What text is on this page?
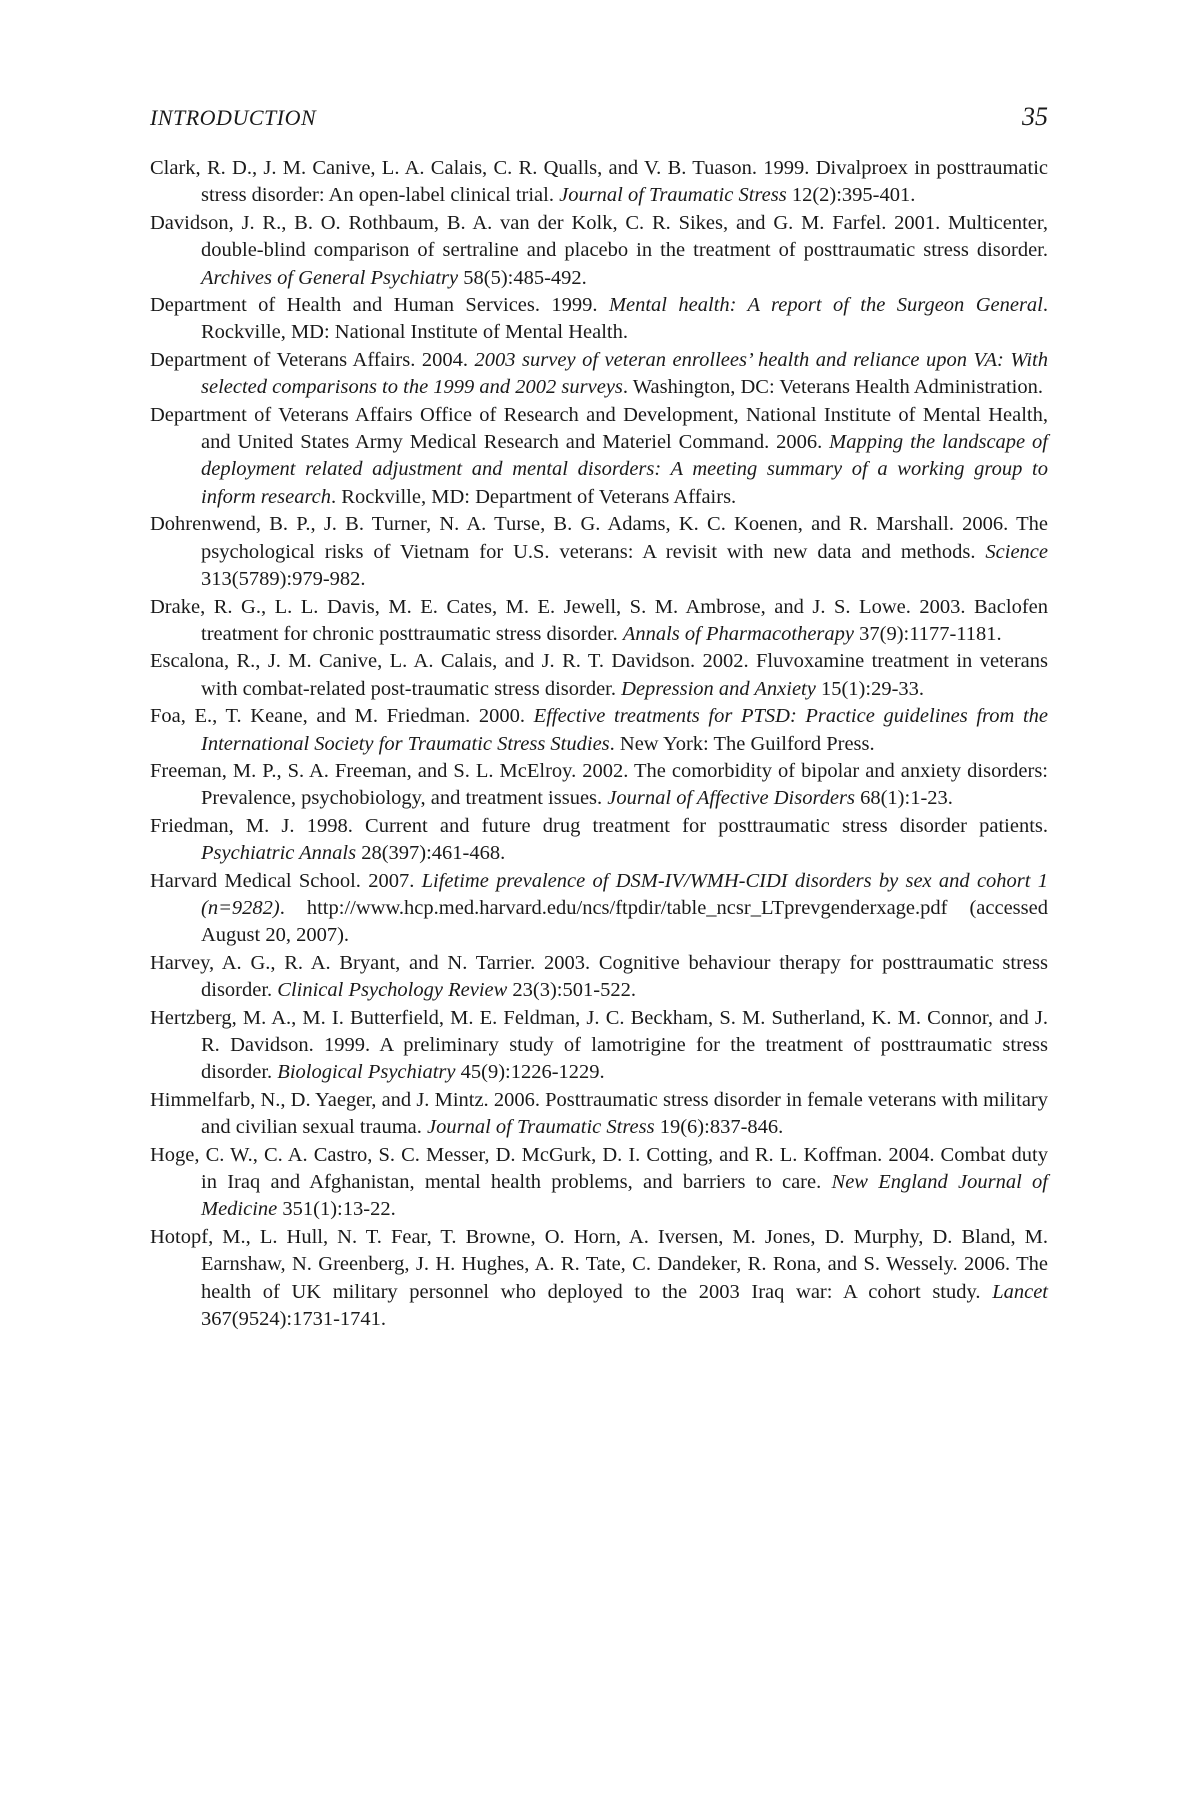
INTRODUCTION	35

Clark, R. D., J. M. Canive, L. A. Calais, C. R. Qualls, and V. B. Tuason. 1999. Divalproex in posttraumatic stress disorder: An open-label clinical trial. Journal of Traumatic Stress 12(2):395-401.

Davidson, J. R., B. O. Rothbaum, B. A. van der Kolk, C. R. Sikes, and G. M. Farfel. 2001. Multicenter, double-blind comparison of sertraline and placebo in the treatment of posttraumatic stress disorder. Archives of General Psychiatry 58(5):485-492.

Department of Health and Human Services. 1999. Mental health: A report of the Surgeon General. Rockville, MD: National Institute of Mental Health.

Department of Veterans Affairs. 2004. 2003 survey of veteran enrollees’ health and reliance upon VA: With selected comparisons to the 1999 and 2002 surveys. Washington, DC: Veterans Health Administration.

Department of Veterans Affairs Office of Research and Development, National Institute of Mental Health, and United States Army Medical Research and Materiel Command. 2006. Mapping the landscape of deployment related adjustment and mental disorders: A meeting summary of a working group to inform research. Rockville, MD: Department of Veterans Affairs.

Dohrenwend, B. P., J. B. Turner, N. A. Turse, B. G. Adams, K. C. Koenen, and R. Marshall. 2006. The psychological risks of Vietnam for U.S. veterans: A revisit with new data and methods. Science 313(5789):979-982.

Drake, R. G., L. L. Davis, M. E. Cates, M. E. Jewell, S. M. Ambrose, and J. S. Lowe. 2003. Baclofen treatment for chronic posttraumatic stress disorder. Annals of Pharmacotherapy 37(9):1177-1181.

Escalona, R., J. M. Canive, L. A. Calais, and J. R. T. Davidson. 2002. Fluvoxamine treatment in veterans with combat-related post-traumatic stress disorder. Depression and Anxiety 15(1):29-33.

Foa, E., T. Keane, and M. Friedman. 2000. Effective treatments for PTSD: Practice guidelines from the International Society for Traumatic Stress Studies. New York: The Guilford Press.

Freeman, M. P., S. A. Freeman, and S. L. McElroy. 2002. The comorbidity of bipolar and anxiety disorders: Prevalence, psychobiology, and treatment issues. Journal of Affective Disorders 68(1):1-23.

Friedman, M. J. 1998. Current and future drug treatment for posttraumatic stress disorder patients. Psychiatric Annals 28(397):461-468.

Harvard Medical School. 2007. Lifetime prevalence of DSM-IV/WMH-CIDI disorders by sex and cohort 1 (n=9282). http://www.hcp.med.harvard.edu/ncs/ftpdir/table_ncsr_LTprevgenderxage.pdf (accessed August 20, 2007).

Harvey, A. G., R. A. Bryant, and N. Tarrier. 2003. Cognitive behaviour therapy for posttraumatic stress disorder. Clinical Psychology Review 23(3):501-522.

Hertzberg, M. A., M. I. Butterfield, M. E. Feldman, J. C. Beckham, S. M. Sutherland, K. M. Connor, and J. R. Davidson. 1999. A preliminary study of lamotrigine for the treatment of posttraumatic stress disorder. Biological Psychiatry 45(9):1226-1229.

Himmelfarb, N., D. Yaeger, and J. Mintz. 2006. Posttraumatic stress disorder in female veterans with military and civilian sexual trauma. Journal of Traumatic Stress 19(6):837-846.

Hoge, C. W., C. A. Castro, S. C. Messer, D. McGurk, D. I. Cotting, and R. L. Koffman. 2004. Combat duty in Iraq and Afghanistan, mental health problems, and barriers to care. New England Journal of Medicine 351(1):13-22.

Hotopf, M., L. Hull, N. T. Fear, T. Browne, O. Horn, A. Iversen, M. Jones, D. Murphy, D. Bland, M. Earnshaw, N. Greenberg, J. H. Hughes, A. R. Tate, C. Dandeker, R. Rona, and S. Wessely. 2006. The health of UK military personnel who deployed to the 2003 Iraq war: A cohort study. Lancet 367(9524):1731-1741.
